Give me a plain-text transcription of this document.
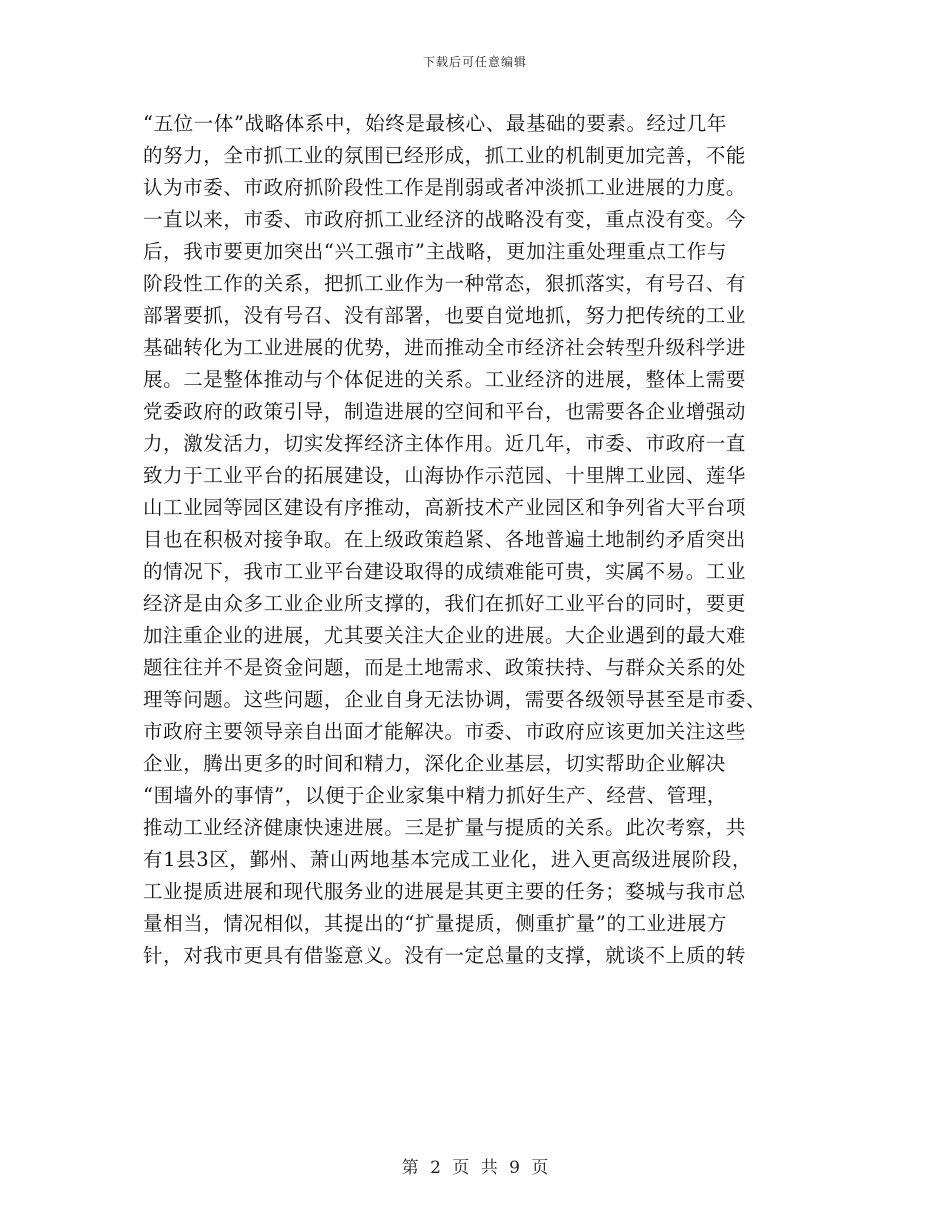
下载后可任意编辑
“五位一体”战略体系中，始终是最核心、最基础的要素。经过几年
的努力，全市抓工业的氛围已经形成，抓工业的机制更加完善，不能
认为市委、市政府抓阶段性工作是削弱或者冲淡抓工业进展的力度。
一直以来，市委、市政府抓工业经济的战略没有变，重点没有变。今
后，我市要更加突出“兴工强市”主战略，更加注重处理重点工作与
阶段性工作的关系，把抓工业作为一种常态，狠抓落实，有号召、有
部署要抓，没有号召、没有部署，也要自觉地抓，努力把传统的工业
基础转化为工业进展的优势，进而推动全市经济社会转型升级科学进
展。二是整体推动与个体促进的关系。工业经济的进展，整体上需要
党委政府的政策引导，制造进展的空间和平台，也需要各企业增强动
力，激发活力，切实发挥经济主体作用。近几年，市委、市政府一直
致力于工业平台的拓展建设，山海协作示范园、十里牌工业园、莲华
山工业园等园区建设有序推动，高新技术产业园区和争列省大平台项
目也在积极对接争取。在上级政策趋紧、各地普遍土地制约矛盾突出
的情况下，我市工业平台建设取得的成绩难能可贵，实属不易。工业
经济是由众多工业企业所支撑的，我们在抓好工业平台的同时，要更
加注重企业的进展，尤其要关注大企业的进展。大企业遇到的最大难
题往往并不是资金问题，而是土地需求、政策扶持、与群众关系的处
理等问题。这些问题，企业自身无法协调，需要各级领导甚至是市委、
市政府主要领导亲自出面才能解决。市委、市政府应该更加关注这些
企业，腾出更多的时间和精力，深化企业基层，切实帮助企业解决
“围墙外的事情”，以便于企业家集中精力抓好生产、经营、管理，
推动工业经济健康快速进展。三是扩量与提质的关系。此次考察，共
有1县3区，鄞州、萧山两地基本完成工业化，进入更高级进展阶段，
工业提质进展和现代服务业的进展是其更主要的任务；婺城与我市总
量相当，情况相似，其提出的“扩量提质，侧重扩量”的工业进展方
针，对我市更具有借鉴意义。没有一定总量的支撑，就谈不上质的转
第 2 页 共 9 页
